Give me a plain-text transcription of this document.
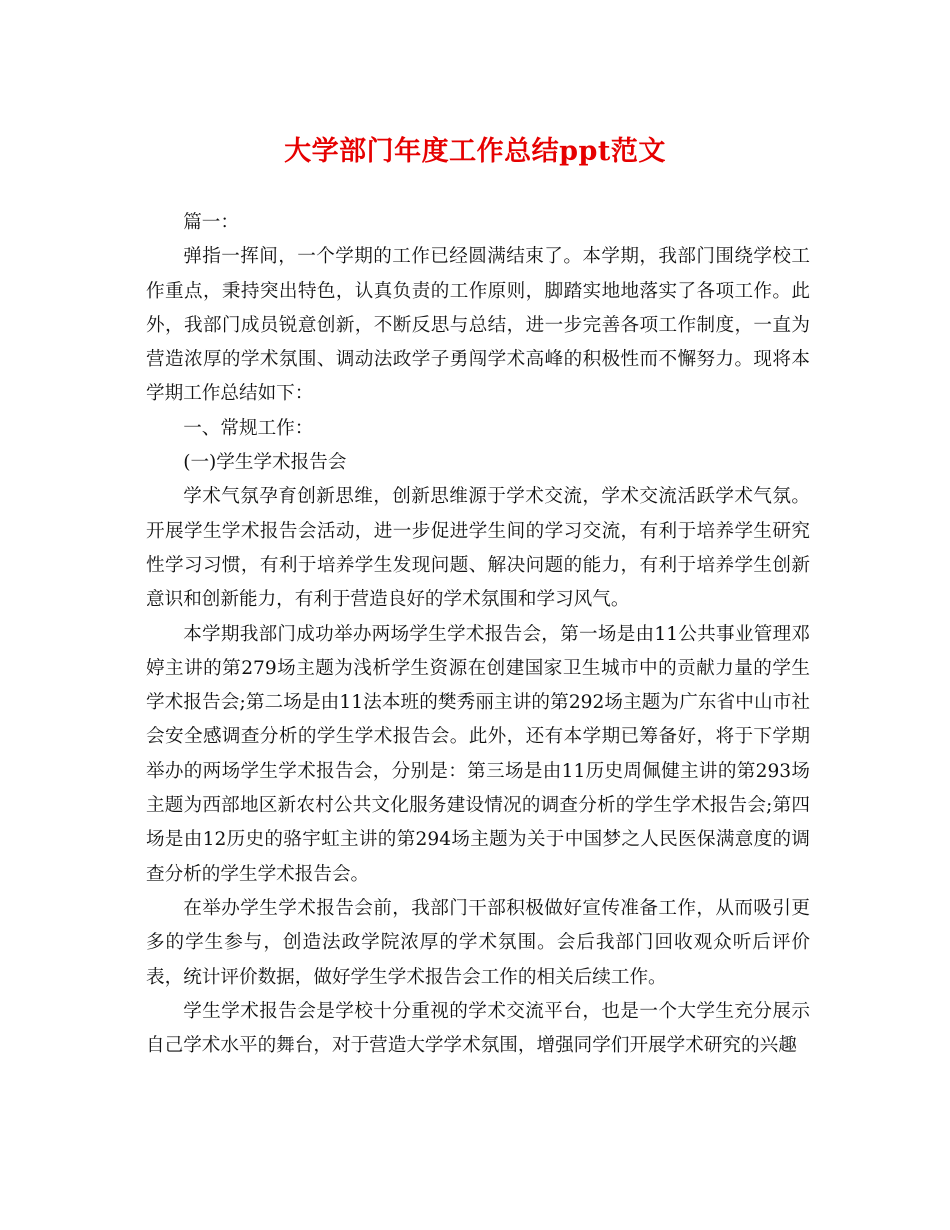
大学部门年度工作总结ppt范文

篇一：

弹指一挥间，一个学期的工作已经圆满结束了。本学期，我部门围绕学校工作重点，秉持突出特色，认真负责的工作原则，脚踏实地地落实了各项工作。此外，我部门成员锐意创新，不断反思与总结，进一步完善各项工作制度，一直为营造浓厚的学术氛围、调动法政学子勇闯学术高峰的积极性而不懈努力。现将本学期工作总结如下：

一、常规工作：

(一)学生学术报告会

学术气氛孕育创新思维，创新思维源于学术交流，学术交流活跃学术气氛。开展学生学术报告会活动，进一步促进学生间的学习交流，有利于培养学生研究性学习习惯，有利于培养学生发现问题、解决问题的能力，有利于培养学生创新意识和创新能力，有利于营造良好的学术氛围和学习风气。

本学期我部门成功举办两场学生学术报告会，第一场是由11公共事业管理邓婷主讲的第279场主题为浅析学生资源在创建国家卫生城市中的贡献力量的学生学术报告会;第二场是由11法本班的樊秀丽主讲的第292场主题为广东省中山市社会安全感调查分析的学生学术报告会。此外，还有本学期已筹备好，将于下学期举办的两场学生学术报告会，分别是：第三场是由11历史周佩健主讲的第293场主题为西部地区新农村公共文化服务建设情况的调查分析的学生学术报告会;第四场是由12历史的骆宇虹主讲的第294场主题为关于中国梦之人民医保满意度的调查分析的学生学术报告会。

在举办学生学术报告会前，我部门干部积极做好宣传准备工作，从而吸引更多的学生参与，创造法政学院浓厚的学术氛围。会后我部门回收观众听后评价表，统计评价数据，做好学生学术报告会工作的相关后续工作。

学生学术报告会是学校十分重视的学术交流平台，也是一个大学生充分展示自己学术水平的舞台，对于营造大学学术氛围，增强同学们开展学术研究的兴趣
